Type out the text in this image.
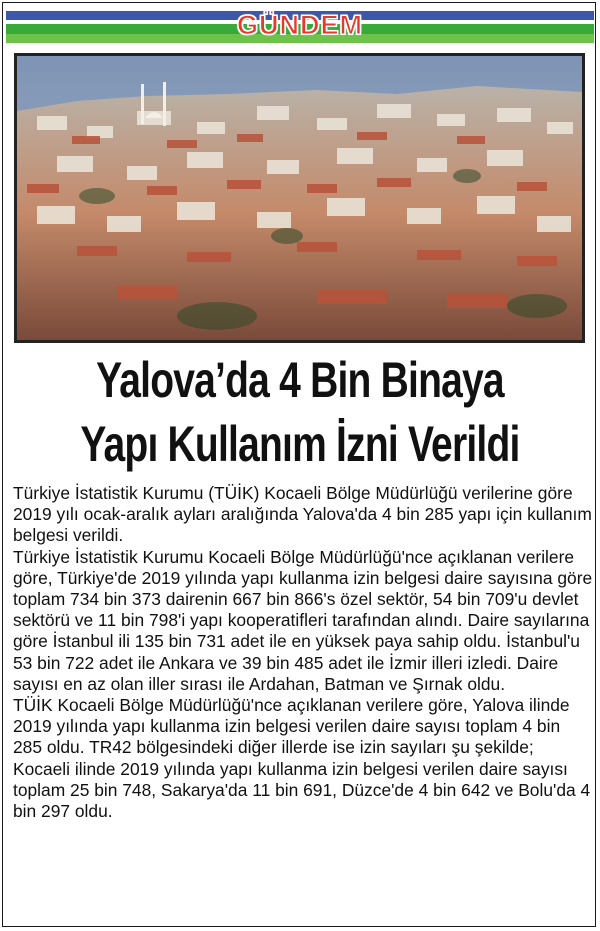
GÜNDEM
Yalova’da 4 Bin Binaya
Yapı Kullanım İzni Verildi

Türkiye İstatistik Kurumu (TÜİK) Kocaeli Bölge Müdürlüğü verilerine göre 2019 yılı ocak-aralık ayları aralığında Yalova'da 4 bin 285 yapı için kullanım belgesi verildi.

Türkiye İstatistik Kurumu Kocaeli Bölge Müdürlüğü'nce açıklanan verilere göre, Türkiye'de 2019 yılında yapı kullanma izin belgesi daire sayısına göre toplam 734 bin 373 dairenin 667 bin 866's özel sektör, 54 bin 709'u devlet sektörü ve 11 bin 798'i yapı kooperatifleri tarafından alındı. Daire sayılarına göre İstanbul ili 135 bin 731 adet ile en yüksek paya sahip oldu. İstanbul'u 53 bin 722 adet ile Ankara ve 39 bin 485 adet ile İzmir illeri izledi. Daire sayısı en az olan iller sırası ile Ardahan, Batman ve Şırnak oldu.

TÜİK Kocaeli Bölge Müdürlüğü'nce açıklanan verilere göre, Yalova ilinde 2019 yılında yapı kullanma izin belgesi verilen daire sayısı toplam 4 bin 285 oldu. TR42 bölgesindeki diğer illerde ise izin sayıları şu şekilde; Kocaeli ilinde 2019 yılında yapı kullanma izin belgesi verilen daire sayısı toplam 25 bin 748, Sakarya'da 11 bin 691, Düzce'de 4 bin 642 ve Bolu'da 4 bin 297 oldu.
